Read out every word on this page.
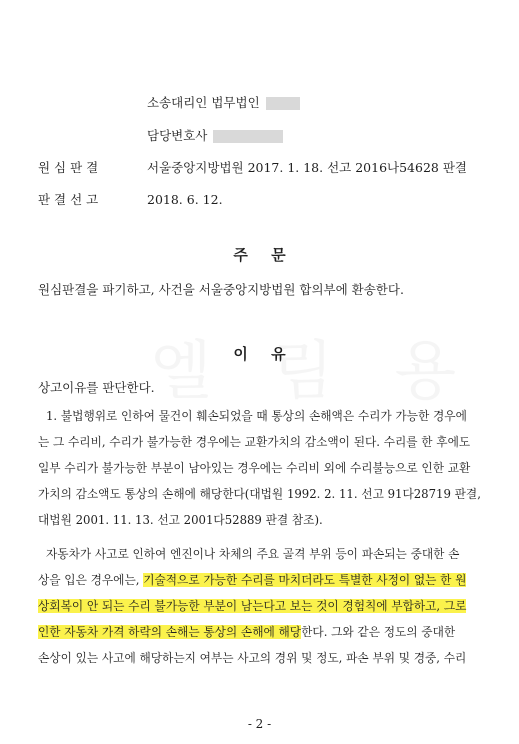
소송대리인 법무법인
담당변호사
원 심 판 결	서울중앙지방법원 2017. 1. 18. 선고 2016나54628 판결
판 결 선 고	2018. 6. 12.
주 문
원심판결을 파기하고, 사건을 서울중앙지방법원 합의부에 환송한다.
이 유
상고이유를 판단한다.
1. 불법행위로 인하여 물건이 훼손되었을 때 통상의 손해액은 수리가 가능한 경우에
는 그 수리비, 수리가 불가능한 경우에는 교환가치의 감소액이 된다. 수리를 한 후에도
일부 수리가 불가능한 부분이 남아있는 경우에는 수리비 외에 수리불능으로 인한 교환
가치의 감소액도 통상의 손해에 해당한다(대법원 1992. 2. 11. 선고 91다28719 판결,
대법원 2001. 11. 13. 선고 2001다52889 판결 참조).
자동차가 사고로 인하여 엔진이나 차체의 주요 골격 부위 등이 파손되는 중대한 손
상을 입은 경우에는, 기술적으로 가능한 수리를 마치더라도 특별한 사정이 없는 한 원
상회복이 안 되는 수리 불가능한 부분이 남는다고 보는 것이 경험칙에 부합하고, 그로
인한 자동차 가격 하락의 손해는 통상의 손해에 해당한다. 그와 같은 정도의 중대한
손상이 있는 사고에 해당하는지 여부는 사고의 경위 및 정도, 파손 부위 및 경중, 수리
- 2 -
